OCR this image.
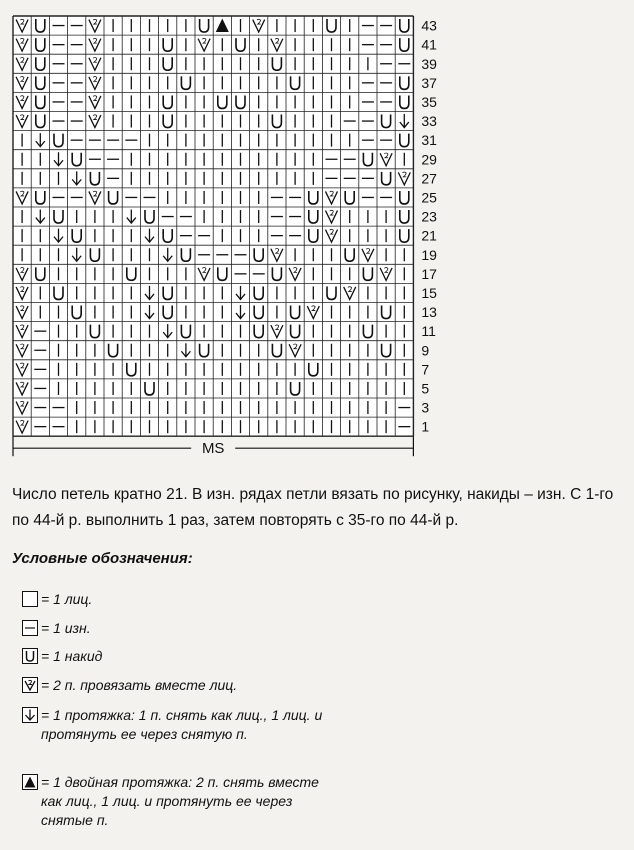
43
41
39
37
35
33
31
29
27
25
23
21
19
17
15
13
11
9
7
5
3
1
MS

Число петель кратно 21. В изн. рядах петли вязать по рисунку, накиды – изн. С 1-го по 44-й р. выполнить 1 раз, затем повторять с 35-го по 44-й р.

Условные обозначения:
= 1 лиц.
= 1 изн.
= 1 накид
= 2 п. провязать вместе лиц.
= 1 протяжка: 1 п. снять как лиц., 1 лиц. и протянуть ее через снятую п.
= 1 двойная протяжка: 2 п. снять вместе как лиц., 1 лиц. и протянуть ее через снятые п.
